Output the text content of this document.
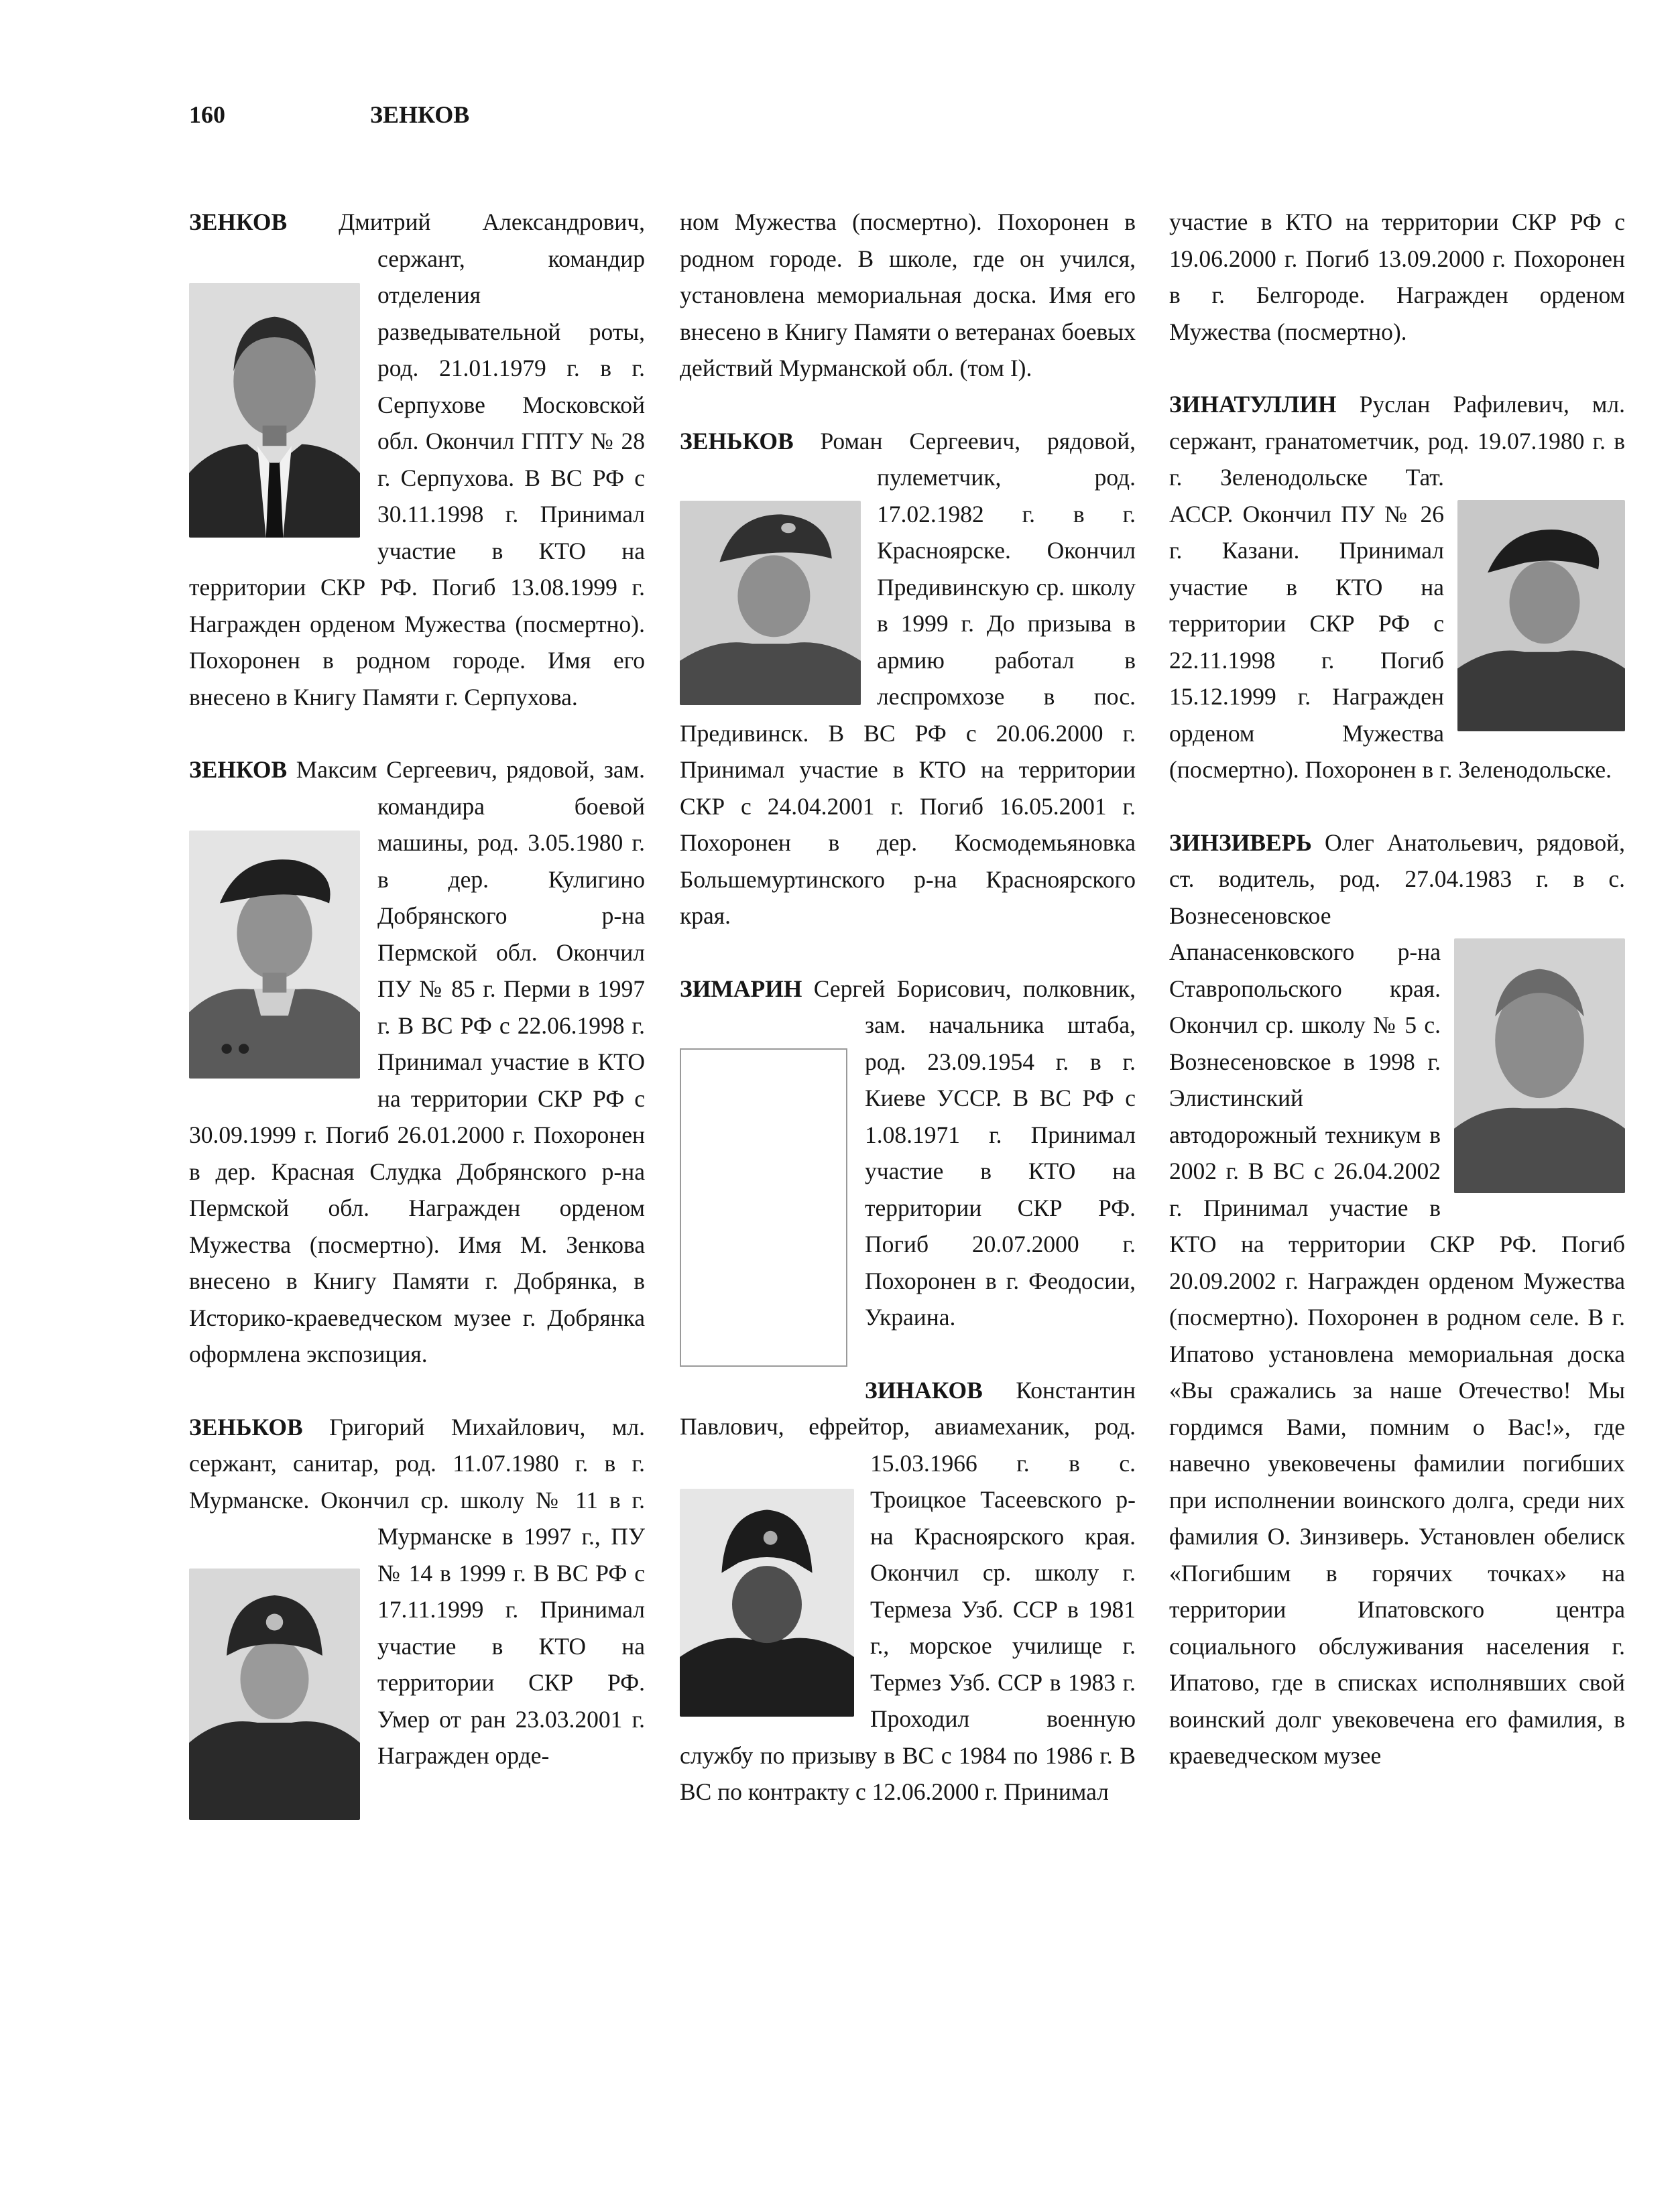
160	ЗЕНКОВ

ЗЕНКОВ Дмитрий Александрович, сержант, командир отделения разведывательной роты, род. 21.01.1979 г. в г. Серпухове Московской обл. Окончил ГПТУ № 28 г. Серпухова. В ВС РФ с 30.11.1998 г. Принимал участие в КТО на территории СКР РФ. Погиб 13.08.1999 г. Награжден орденом Мужества (посмертно). Похоронен в родном городе. Имя его внесено в Книгу Памяти г. Серпухова.

ЗЕНКОВ Максим Сергеевич, рядовой, зам. командира боевой машины, род. 3.05.1980 г. в дер. Кулигино Добрянского р-на Пермской обл. Окончил ПУ № 85 г. Перми в 1997 г. В ВС РФ с 22.06.1998 г. Принимал участие в КТО на территории СКР РФ с 30.09.1999 г. Погиб 26.01.2000 г. Похоронен в дер. Красная Слудка Добрянского р-на Пермской обл. Награжден орденом Мужества (посмертно). Имя М. Зенкова внесено в Книгу Памяти г. Добрянка, в Историко-краеведческом музее г. Добрянка оформлена экспозиция.

ЗЕНЬКОВ Григорий Михайлович, мл. сержант, санитар, род. 11.07.1980 г. в г. Мурманске. Окончил ср. школу № 11 в г. Мурманске в 1997 г., ПУ № 14 в 1999 г. В ВС РФ с 17.11.1999 г. Принимал участие в КТО на территории СКР РФ. Умер от ран 23.03.2001 г. Награжден орде-

ном Мужества (посмертно). Похоронен в родном городе. В школе, где он учился, установлена мемориальная доска. Имя его внесено в Книгу Памяти о ветеранах боевых действий Мурманской обл. (том I).

ЗЕНЬКОВ Роман Сергеевич, рядовой, пулеметчик, род. 17.02.1982 г. в г. Красноярске. Окончил Предивинскую ср. школу в 1999 г. До призыва в армию работал в леспромхозе в пос. Предивинск. В ВС РФ с 20.06.2000 г. Принимал участие в КТО на территории СКР с 24.04.2001 г. Погиб 16.05.2001 г. Похоронен в дер. Космодемьяновка Большемуртинского р-на Красноярского края.

ЗИМАРИН Сергей Борисович, полковник, зам. начальника штаба, род. 23.09.1954 г. в г. Киеве УССР. В ВС РФ с 1.08.1971 г. Принимал участие в КТО на территории СКР РФ. Погиб 20.07.2000 г. Похоронен в г. Феодосии, Украина.

ЗИНАКОВ Константин Павлович, ефрейтор, авиамеханик, род. 15.03.1966 г. в с. Троицкое Тасеевского р-на Красноярского края. Окончил ср. школу г. Термеза Узб. ССР в 1981 г., морское училище г. Термез Узб. ССР в 1983 г. Проходил военную службу по призыву в ВС с 1984 по 1986 г. В ВС по контракту с 12.06.2000 г. Принимал

участие в КТО на территории СКР РФ с 19.06.2000 г. Погиб 13.09.2000 г. Похоронен в г. Белгороде. Награжден орденом Мужества (посмертно).

ЗИНАТУЛЛИН Руслан Рафилевич, мл. сержант, гранатометчик, род. 19.07.1980 г. в г. Зеленодольске Тат. АССР. Окончил ПУ № 26 г. Казани. Принимал участие в КТО на территории СКР РФ с 22.11.1998 г. Погиб 15.12.1999 г. Награжден орденом Мужества (посмертно). Похоронен в г. Зеленодольске.

ЗИНЗИВЕРЬ Олег Анатольевич, рядовой, ст. водитель, род. 27.04.1983 г. в с. Вознесеновское Апанасенковского р-на Ставропольского края. Окончил ср. школу № 5 с. Вознесеновское в 1998 г. Элистинский автодорожный техникум в 2002 г. В ВС с 26.04.2002 г. Принимал участие в КТО на территории СКР РФ. Погиб 20.09.2002 г. Награжден орденом Мужества (посмертно). Похоронен в родном селе. В г. Ипатово установлена мемориальная доска «Вы сражались за наше Отечество! Мы гордимся Вами, помним о Вас!», где навечно увековечены фамилии погибших при исполнении воинского долга, среди них фамилия О. Зинзиверь. Установлен обелиск «Погибшим в горячих точках» на территории Ипатовского центра социального обслуживания населения г. Ипатово, где в списках исполнявших свой воинский долг увековечена его фамилия, в краеведческом музее
